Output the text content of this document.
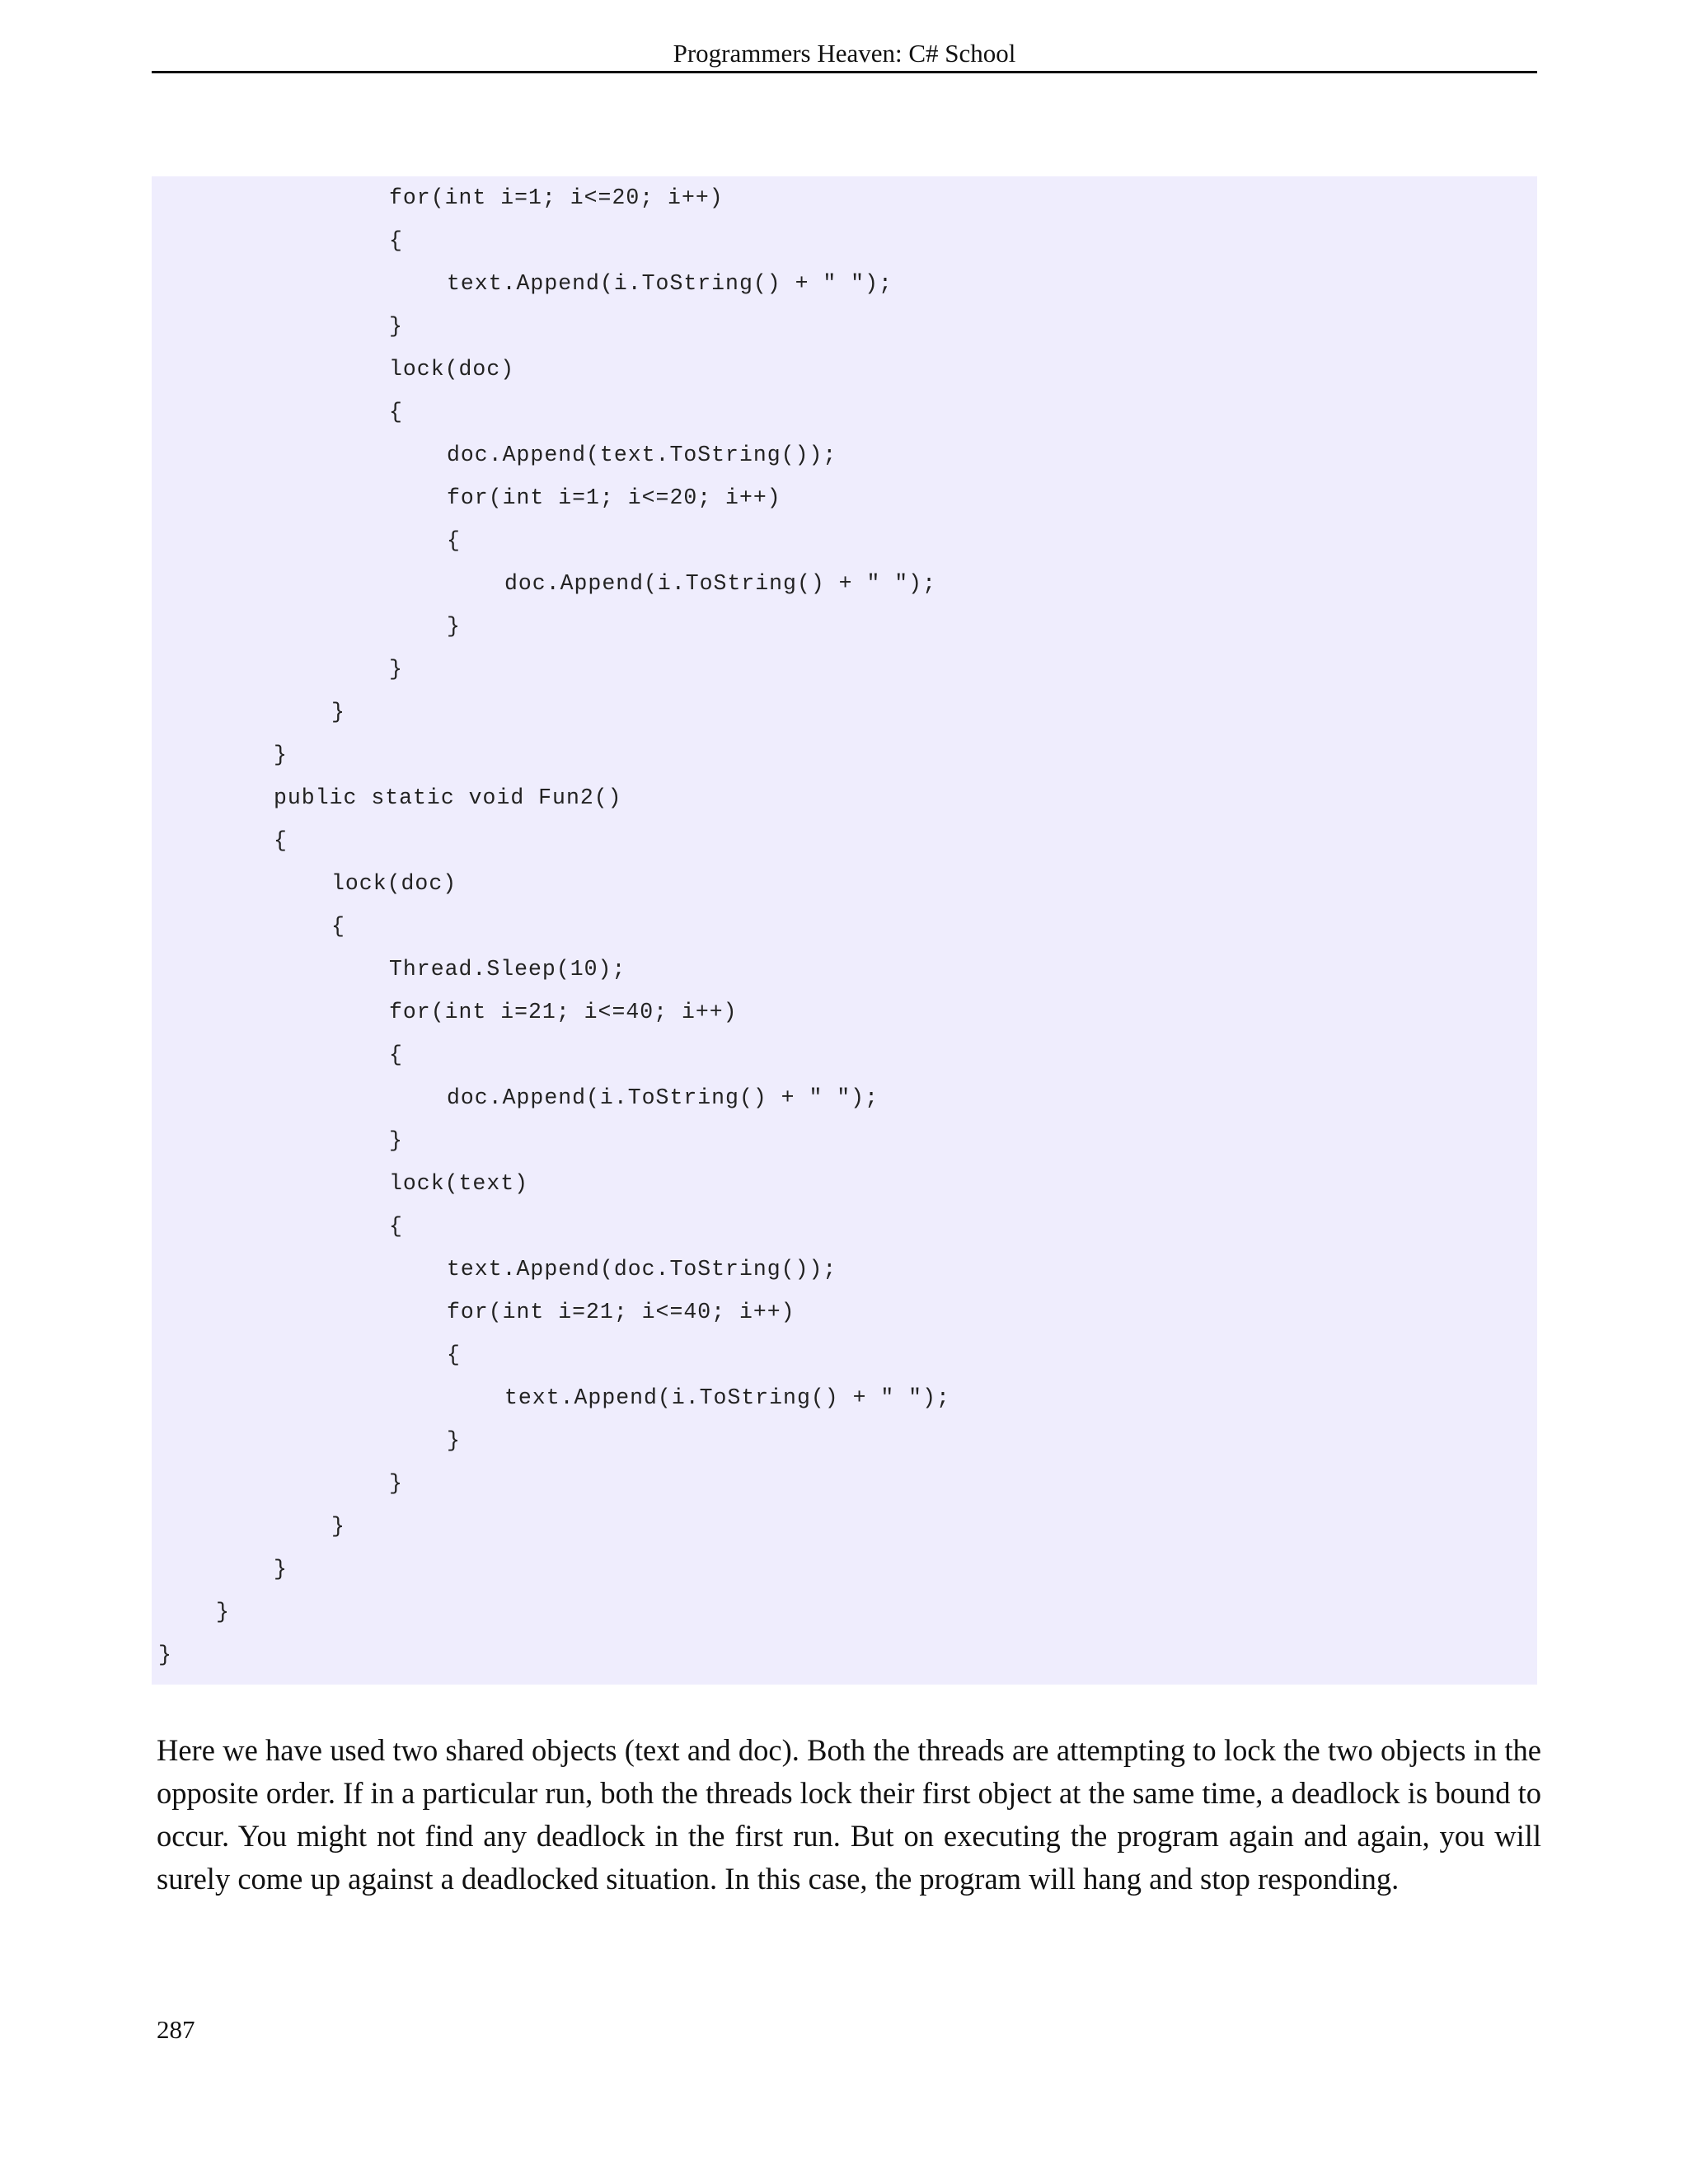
Programmers Heaven: C# School
for(int i=1; i<=20; i++)
{
text.Append(i.ToString() + " ");
}
lock(doc)
{
doc.Append(text.ToString());
for(int i=1; i<=20; i++)
{
doc.Append(i.ToString() + " ");
}
}
}
}
public static void Fun2()
{
lock(doc)
{
Thread.Sleep(10);
for(int i=21; i<=40; i++)
{
doc.Append(i.ToString() + " ");
}
lock(text)
{
text.Append(doc.ToString());
for(int i=21; i<=40; i++)
{
text.Append(i.ToString() + " ");
}
}
}
}
}
}
Here we have used two shared objects (text and doc). Both the threads are attempting to lock the two objects in the opposite order. If in a particular run, both the threads lock their first object at the same time, a deadlock is bound to occur. You might not find any deadlock in the first run. But on executing the program again and again, you will surely come up against a deadlocked situation. In this case, the program will hang and stop responding.
287
